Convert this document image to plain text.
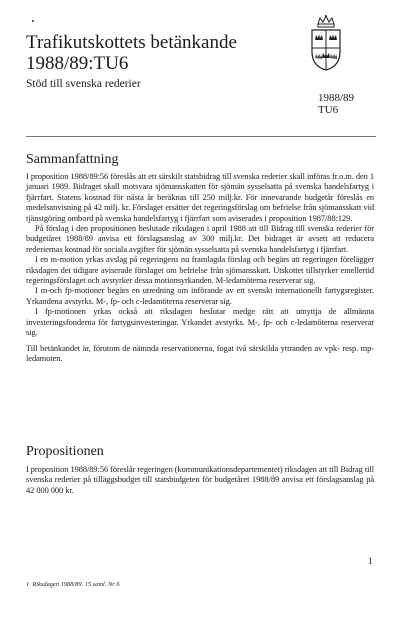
Trafikutskottets betänkande
1988/89:TU6

Stöd till svenska rederier

1988/89
TU6
Sammanfattning

I proposition 1988/89:56 föreslås att ett särskilt statsbidrag till svenska rederier skall införas fr.o.m. den 1 januari 1989. Bidraget skall motsvara sjömansskatten för sjömän sysselsatta på svenska handelsfartyg i fjärrfart. Statens kostnad för nästa år beräknas till 250 milj.kr. För innevarande budgetår föreslås en medelsanvisning på 42 milj. kr. Förslaget ersätter det regeringsförslag om befrielse från sjömansskatt vid tjänstgöring ombord på svenska handelsfartyg i fjärrfart som aviserades i proposition 1987/88:129.

På förslag i den propositionen beslutade riksdagen i april 1988 att till Bidrag till svenska rederier för budgetåret 1988/89 anvisa ett förslagsanslag av 300 milj.kr. Det bidraget är avsett att reducera rederiernas kostnad för sociala avgifter för sjömän sysselsatta på svenska handelsfartyg i fjärrfart.

I en m-motion yrkas avslag på regeringens nu framlagda förslag och begärs att regeringen förelägger riksdagen det tidigare aviserade förslaget om befrielse från sjömansskatt. Utskottet tillstyrker emellertid regeringsförslaget och avstyrker dessa motionsyrkanden. M-ledamöterna reserverar sig.

I m-och fp-motioner begärs en utredning om införande av ett svenskt internationellt fartygsregister. Yrkandena avstyrks. M-, fp- och c-ledamöterna reserverar sig.

I fp-motionen yrkas också att riksdagen beslutar medge rätt att utnyttja de allmänna investeringsfonderna för fartygsinvesteringar. Yrkandet avstyrks. M-, fp- och c-ledamöterna reserverar sig.

Till betänkandet är, förutom de nämnda reservationerna, fogat två särskilda yttranden av vpk- resp. mp-ledamoten.

Propositionen

I proposition 1988/89:56 föreslår regeringen (kommunikationsdepartementet) riksdagen att till Bidrag till svenska rederier på tilläggsbudget till statsbudgeten för budgetåret 1988/89 anvisa ett förslagsanslag på 42 000 000 kr.

1
1 Riksdagen 1988/89. 15 saml. Nr 6
